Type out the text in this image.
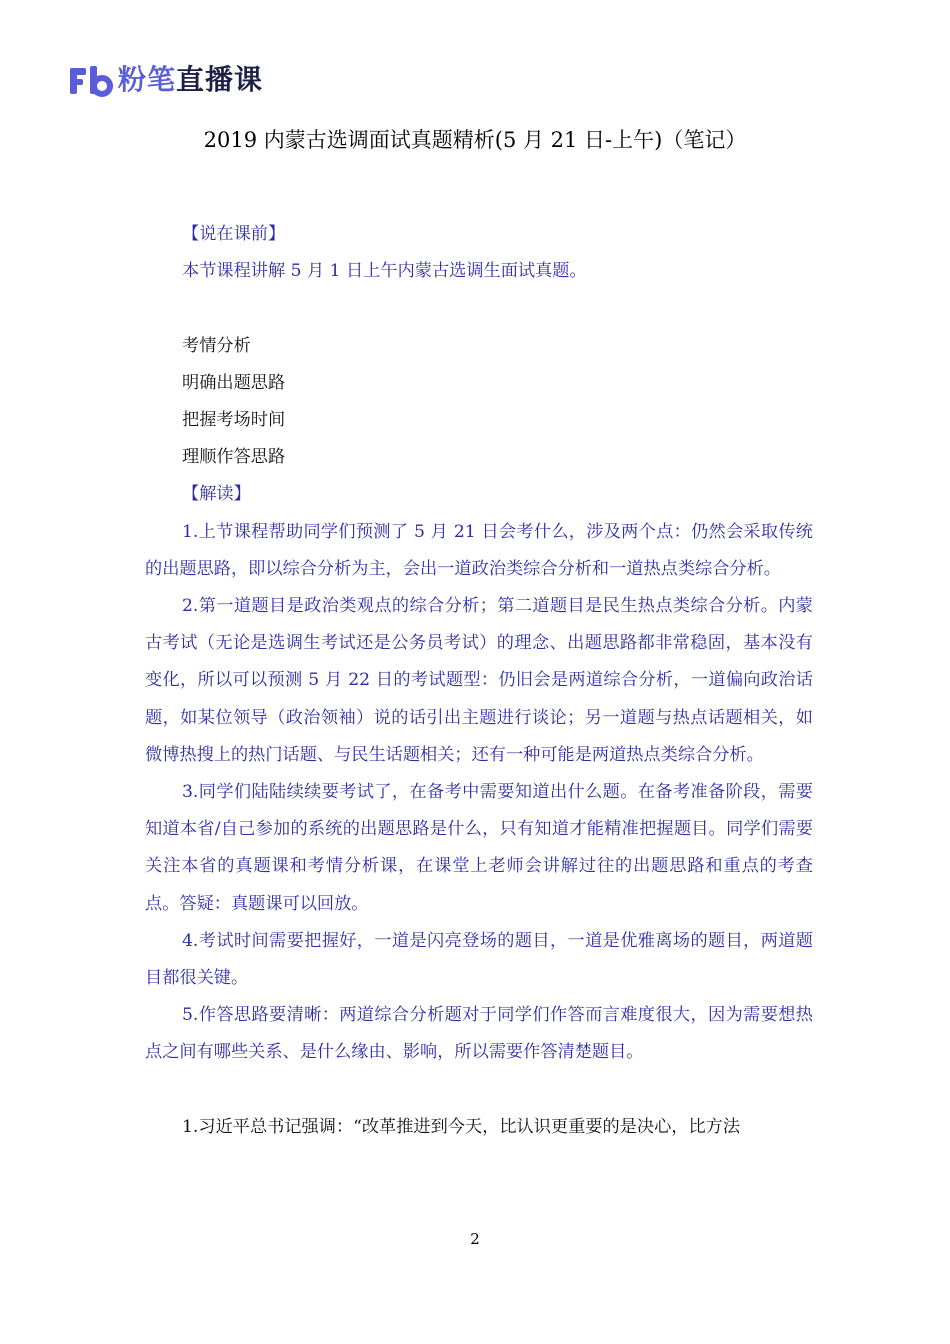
粉笔直播课
2019 内蒙古选调面试真题精析(5 月 21 日-上午)（笔记）
【说在课前】
本节课程讲解 5 月 1 日上午内蒙古选调生面试真题。
考情分析
明确出题思路
把握考场时间
理顺作答思路
【解读】
1.上节课程帮助同学们预测了 5 月 21 日会考什么，涉及两个点：仍然会采取传统的出题思路，即以综合分析为主，会出一道政治类综合分析和一道热点类综合分析。
2.第一道题目是政治类观点的综合分析；第二道题目是民生热点类综合分析。内蒙古考试（无论是选调生考试还是公务员考试）的理念、出题思路都非常稳固，基本没有变化，所以可以预测 5 月 22 日的考试题型：仍旧会是两道综合分析，一道偏向政治话题，如某位领导（政治领袖）说的话引出主题进行谈论；另一道题与热点话题相关，如微博热搜上的热门话题、与民生话题相关；还有一种可能是两道热点类综合分析。
3.同学们陆陆续续要考试了，在备考中需要知道出什么题。在备考准备阶段，需要知道本省/自己参加的系统的出题思路是什么，只有知道才能精准把握题目。同学们需要关注本省的真题课和考情分析课，在课堂上老师会讲解过往的出题思路和重点的考查点。答疑：真题课可以回放。
4.考试时间需要把握好，一道是闪亮登场的题目，一道是优雅离场的题目，两道题目都很关键。
5.作答思路要清晰：两道综合分析题对于同学们作答而言难度很大，因为需要想热点之间有哪些关系、是什么缘由、影响，所以需要作答清楚题目。
1.习近平总书记强调：“改革推进到今天，比认识更重要的是决心，比方法
2
